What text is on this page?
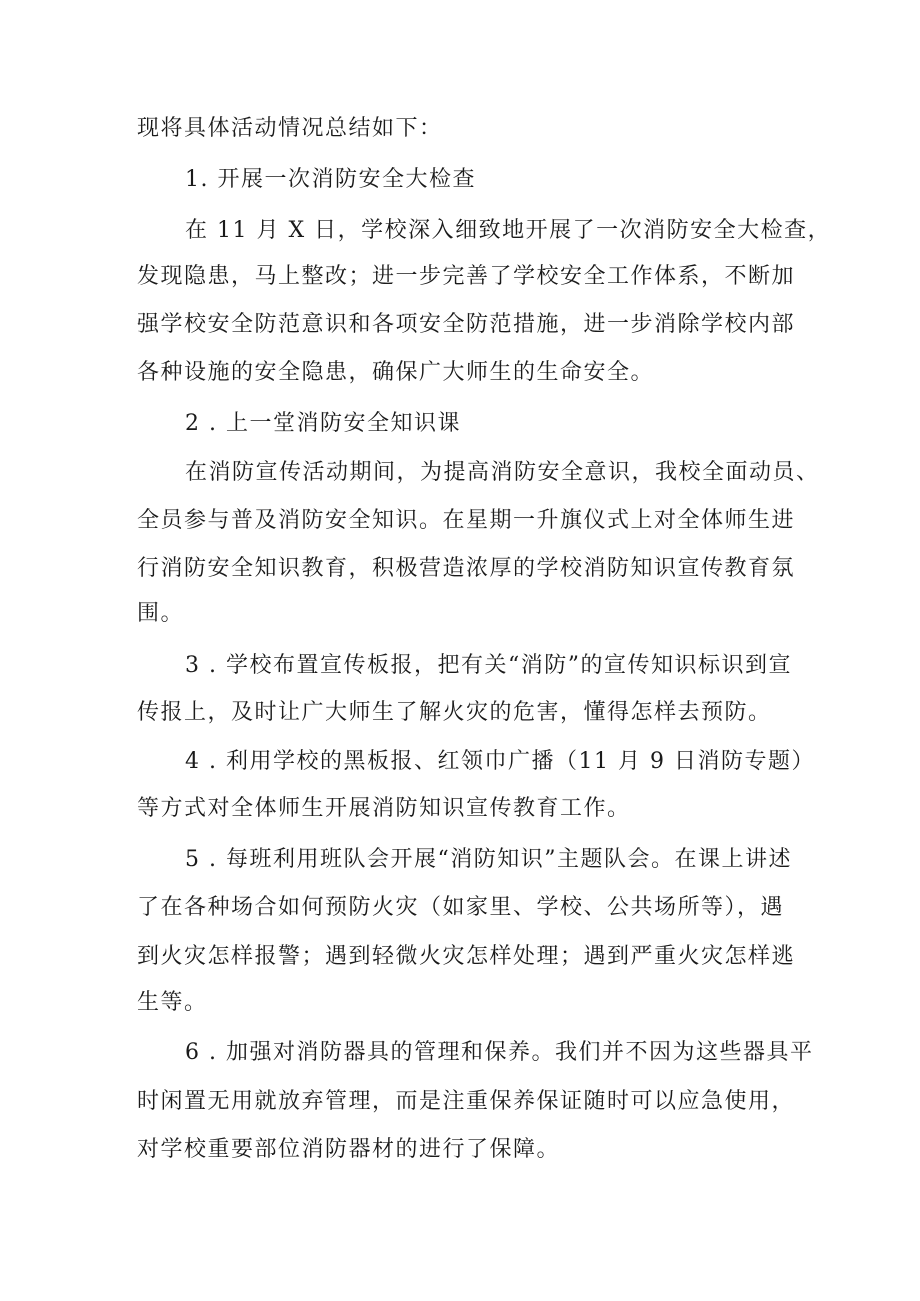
现将具体活动情况总结如下：
1. 开展一次消防安全大检查
在 11 月 X 日，学校深入细致地开展了一次消防安全大检查，
发现隐患，马上整改；进一步完善了学校安全工作体系，不断加
强学校安全防范意识和各项安全防范措施，进一步消除学校内部
各种设施的安全隐患，确保广大师生的生命安全。
2 . 上一堂消防安全知识课
在消防宣传活动期间，为提高消防安全意识，我校全面动员、
全员参与普及消防安全知识。在星期一升旗仪式上对全体师生进
行消防安全知识教育，积极营造浓厚的学校消防知识宣传教育氛
围。
3 . 学校布置宣传板报，把有关“消防”的宣传知识标识到宣
传报上，及时让广大师生了解火灾的危害，懂得怎样去预防。
4 . 利用学校的黑板报、红领巾广播（11 月 9 日消防专题）
等方式对全体师生开展消防知识宣传教育工作。
5 . 每班利用班队会开展“消防知识”主题队会。在课上讲述
了在各种场合如何预防火灾（如家里、学校、公共场所等），遇
到火灾怎样报警；遇到轻微火灾怎样处理；遇到严重火灾怎样逃
生等。
6 . 加强对消防器具的管理和保养。我们并不因为这些器具平
时闲置无用就放弃管理，而是注重保养保证随时可以应急使用，
对学校重要部位消防器材的进行了保障。
